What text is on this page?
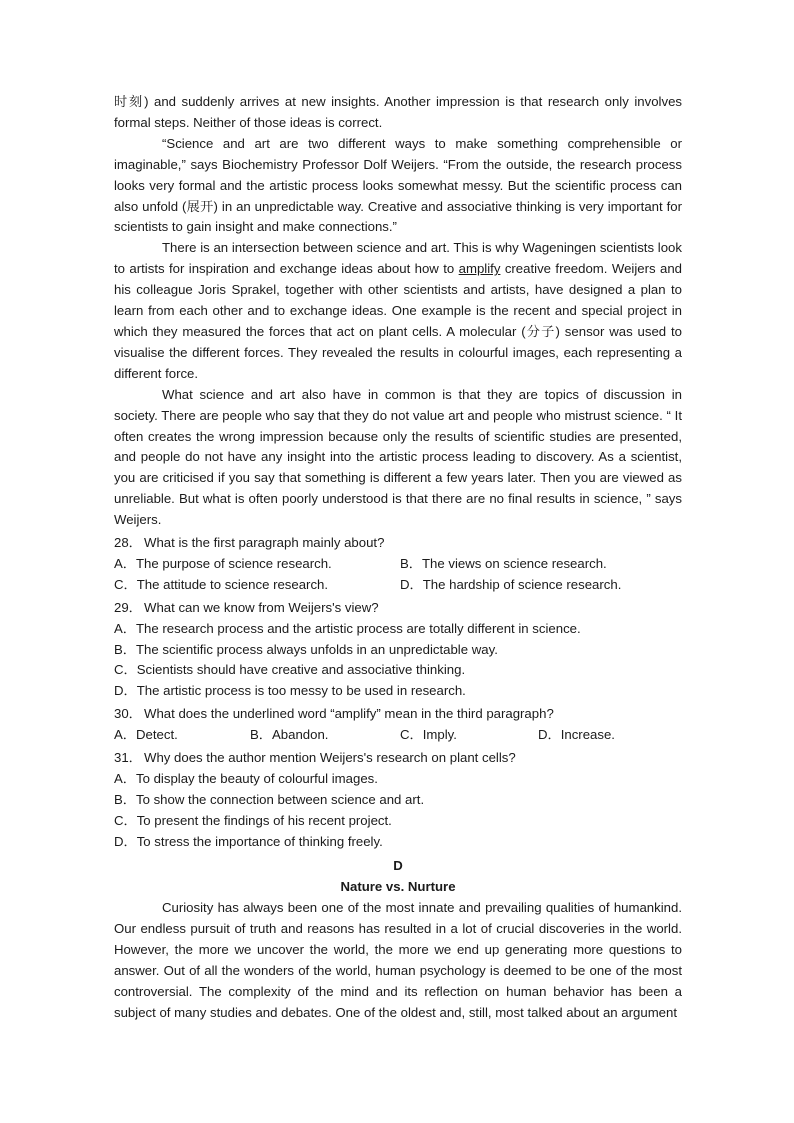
时刻) and suddenly arrives at new insights. Another impression is that research only involves formal steps. Neither of those ideas is correct.

“Science and art are two different ways to make something comprehensible or imaginable,” says Biochemistry Professor Dolf Weijers. “From the outside, the research process looks very formal and the artistic process looks somewhat messy. But the scientific process can also unfold (展开) in an unpredictable way. Creative and associative thinking is very important for scientists to gain insight and make connections.”

There is an intersection between science and art. This is why Wageningen scientists look to artists for inspiration and exchange ideas about how to amplify creative freedom. Weijers and his colleague Joris Sprakel, together with other scientists and artists, have designed a plan to learn from each other and to exchange ideas. One example is the recent and special project in which they measured the forces that act on plant cells. A molecular (分子) sensor was used to visualise the different forces. They revealed the results in colourful images, each representing a different force.

What science and art also have in common is that they are topics of discussion in society. There are people who say that they do not value art and people who mistrust science. “ It often creates the wrong impression because only the results of scientific studies are presented, and people do not have any insight into the artistic process leading to discovery. As a scientist, you are criticised if you say that something is different a few years later. Then you are viewed as unreliable. But what is often poorly understood is that there are no final results in science, ” says Weijers.

28． What is the first paragraph mainly about?
A．The purpose of science research.	B．The views on science research.
C．The attitude to science research.	D．The hardship of science research.
29． What can we know from Weijers's view?
A．The research process and the artistic process are totally different in science.
B．The scientific process always unfolds in an unpredictable way.
C．Scientists should have creative and associative thinking.
D．The artistic process is too messy to be used in research.
30． What does the underlined word “amplify” mean in the third paragraph?
A．Detect.	B．Abandon.	C．Imply.	D．Increase.
31． Why does the author mention Weijers's research on plant cells?
A．To display the beauty of colourful images.
B．To show the connection between science and art.
C．To present the findings of his recent project.
D．To stress the importance of thinking freely.
D
Nature vs. Nurture

Curiosity has always been one of the most innate and prevailing qualities of humankind. Our endless pursuit of truth and reasons has resulted in a lot of crucial discoveries in the world. However, the more we uncover the world, the more we end up generating more questions to answer. Out of all the wonders of the world, human psychology is deemed to be one of the most controversial. The complexity of the mind and its reflection on human behavior has been a subject of many studies and debates. One of the oldest and, still, most talked about an argument
